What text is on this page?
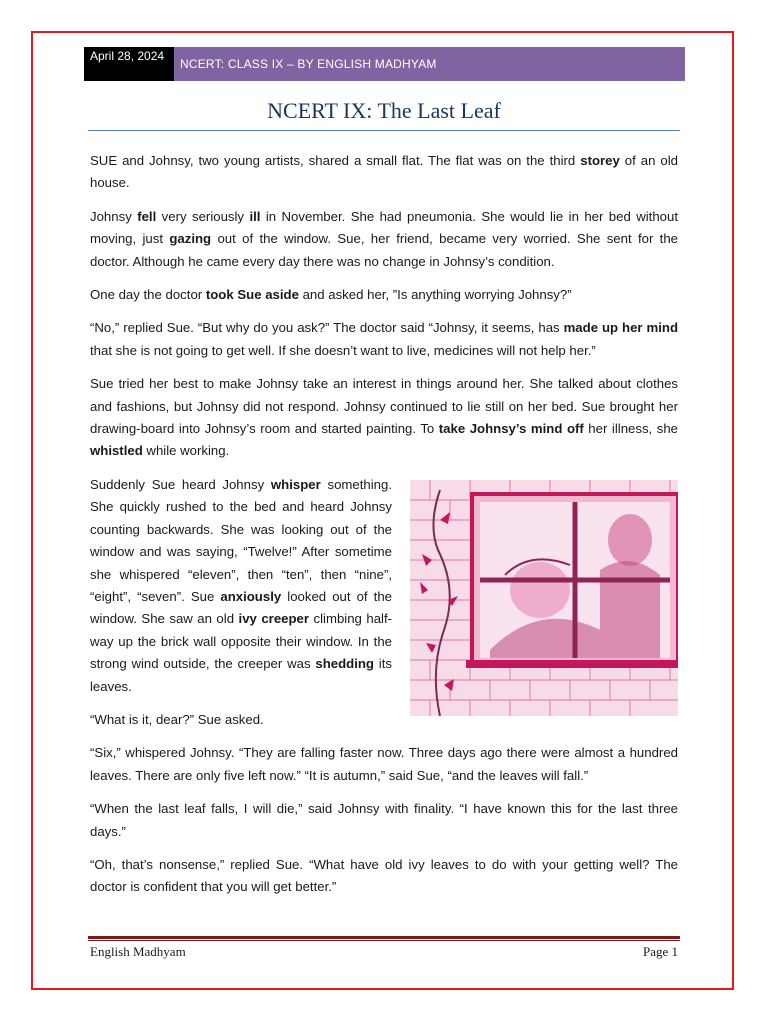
April 28, 2024
NCERT: CLASS IX – BY ENGLISH MADHYAM
NCERT IX: The Last Leaf

SUE and Johnsy, two young artists, shared a small flat. The flat was on the third storey of an old house.

Johnsy fell very seriously ill in November. She had pneumonia. She would lie in her bed without moving, just gazing out of the window. Sue, her friend, became very worried. She sent for the doctor. Although he came every day there was no change in Johnsy’s condition.

One day the doctor took Sue aside and asked her, ”Is anything worrying Johnsy?”

“No,” replied Sue. “But why do you ask?” The doctor said “Johnsy, it seems, has made up her mind that she is not going to get well. If she doesn’t want to live, medicines will not help her.”

Sue tried her best to make Johnsy take an interest in things around her. She talked about clothes and fashions, but Johnsy did not respond. Johnsy continued to lie still on her bed. Sue brought her drawing-board into Johnsy’s room and started painting. To take Johnsy’s mind off her illness, she whistled while working.

Suddenly Sue heard Johnsy whisper something. She quickly rushed to the bed and heard Johnsy counting backwards. She was looking out of the window and was saying, “Twelve!” After sometime she whispered “eleven”, then “ten”, then “nine”, “eight”, “seven”. Sue anxiously looked out of the window. She saw an old ivy creeper climbing half-way up the brick wall opposite their window. In the strong wind outside, the creeper was shedding its leaves.

“What is it, dear?” Sue asked.

“Six,” whispered Johnsy. “They are falling faster now. Three days ago there were almost a hundred leaves. There are only five left now.” “It is autumn,” said Sue, “and the leaves will fall.”

“When the last leaf falls, I will die,” said Johnsy with finality. “I have known this for the last three days.”

“Oh, that’s nonsense,” replied Sue. “What have old ivy leaves to do with your getting well? The doctor is confident that you will get better.”

English Madhyam	Page 1
